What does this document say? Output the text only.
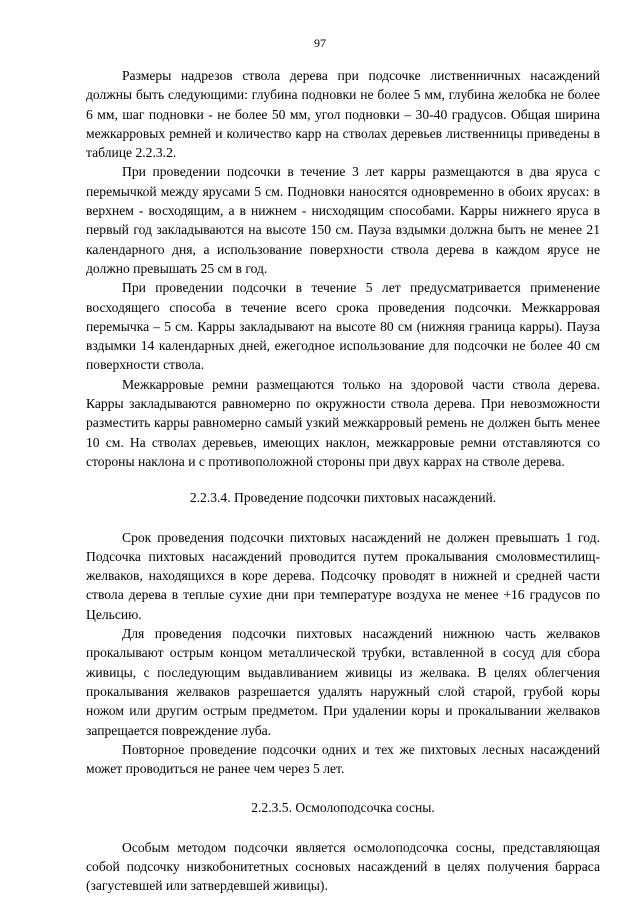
97

Размеры надрезов ствола дерева при подсочке лиственничных насаждений должны быть следующими: глубина подновки не более 5 мм, глубина желобка не более 6 мм, шаг подновки - не более 50 мм, угол подновки – 30-40 градусов. Общая ширина межкарровых ремней и количество карр на стволах деревьев лиственницы приведены в таблице 2.2.3.2.

При проведении подсочки в течение 3 лет карры размещаются в два яруса с перемычкой между ярусами 5 см. Подновки наносятся одновременно в обоих ярусах: в верхнем - восходящим, а в нижнем - нисходящим способами. Карры нижнего яруса в первый год закладываются на высоте 150 см. Пауза вздымки должна быть не менее 21 календарного дня, а использование поверхности ствола дерева в каждом ярусе не должно превышать 25 см в год.

При проведении подсочки в течение 5 лет предусматривается применение восходящего способа в течение всего срока проведения подсочки. Межкарровая перемычка – 5 см. Карры закладывают на высоте 80 см (нижняя граница карры). Пауза вздымки 14 календарных дней, ежегодное использование для подсочки не более 40 см поверхности ствола.

Межкарровые ремни размещаются только на здоровой части ствола дерева. Карры закладываются равномерно по окружности ствола дерева. При невозможности разместить карры равномерно самый узкий межкарровый ремень не должен быть менее 10 см. На стволах деревьев, имеющих наклон, межкарровые ремни отставляются со стороны наклона и с противоположной стороны при двух каррах на стволе дерева.

2.2.3.4. Проведение подсочки пихтовых насаждений.

Срок проведения подсочки пихтовых насаждений не должен превышать 1 год. Подсочка пихтовых насаждений проводится путем прокалывания смоловместилищ-желваков, находящихся в коре дерева. Подсочку проводят в нижней и средней части ствола дерева в теплые сухие дни при температуре воздуха не менее +16 градусов по Цельсию.

Для проведения подсочки пихтовых насаждений нижнюю часть желваков прокалывают острым концом металлической трубки, вставленной в сосуд для сбора живицы, с последующим выдавливанием живицы из желвака. В целях облегчения прокалывания желваков разрешается удалять наружный слой старой, грубой коры ножом или другим острым предметом. При удалении коры и прокалывании желваков запрещается повреждение луба.

Повторное проведение подсочки одних и тех же пихтовых лесных насаждений может проводиться не ранее чем через 5 лет.

2.2.3.5. Осмолоподсочка сосны.

Особым методом подсочки является осмолоподсочка сосны, представляющая собой подсочку низкобонитетных сосновых насаждений в целях получения барраса (загустевшей или затвердевшей живицы).
